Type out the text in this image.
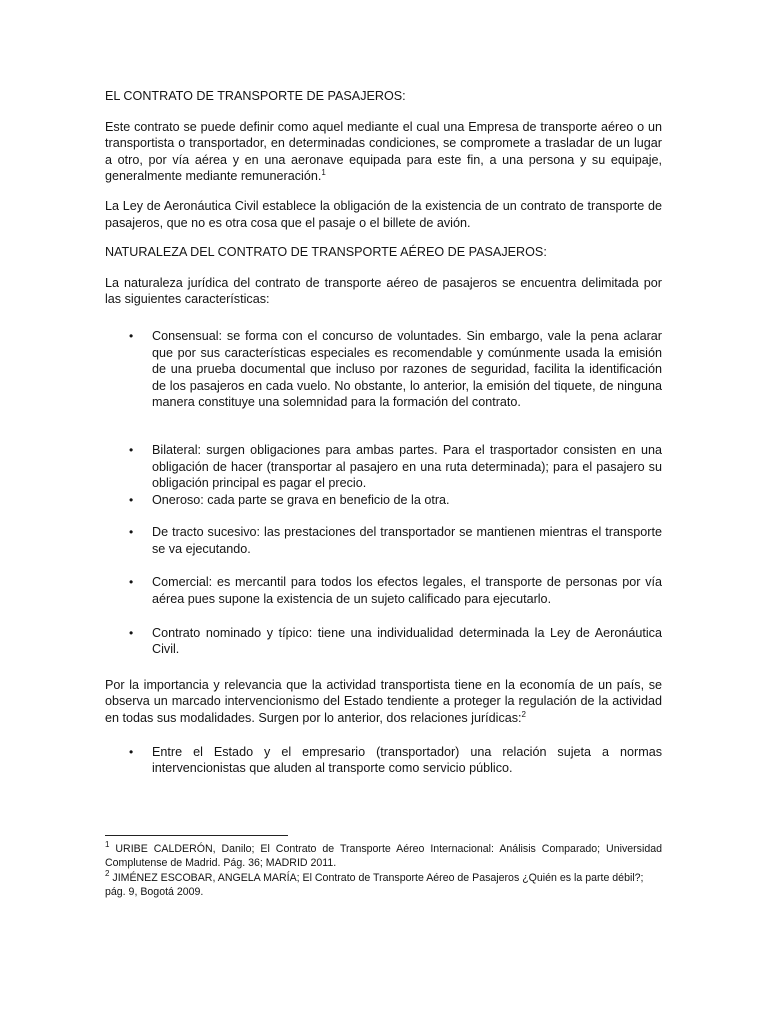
EL CONTRATO DE TRANSPORTE DE PASAJEROS:

Este contrato se puede definir como aquel mediante el cual una Empresa de transporte aéreo o un transportista o transportador, en determinadas condiciones, se compromete a trasladar de un lugar a otro, por vía aérea y en una aeronave equipada para este fin, a una persona y su equipaje, generalmente mediante remuneración.$^1$

La Ley de Aeronáutica Civil establece la obligación de la existencia de un contrato de transporte de pasajeros, que no es otra cosa que el pasaje o el billete de avión.

NATURALEZA DEL CONTRATO DE TRANSPORTE AÉREO DE PASAJEROS:

La naturaleza jurídica del contrato de transporte aéreo de pasajeros se encuentra delimitada por las siguientes características:

• Consensual: se forma con el concurso de voluntades. Sin embargo, vale la pena aclarar que por sus características especiales es recomendable y comúnmente usada la emisión de una prueba documental que incluso por razones de seguridad, facilita la identificación de los pasajeros en cada vuelo. No obstante, lo anterior, la emisión del tiquete, de ninguna manera constituye una solemnidad para la formación del contrato.
• Bilateral: surgen obligaciones para ambas partes. Para el trasportador consisten en una obligación de hacer (transportar al pasajero en una ruta determinada); para el pasajero su obligación principal es pagar el precio.
• Oneroso: cada parte se grava en beneficio de la otra.
• De tracto sucesivo: las prestaciones del transportador se mantienen mientras el transporte se va ejecutando.
• Comercial: es mercantil para todos los efectos legales, el transporte de personas por vía aérea pues supone la existencia de un sujeto calificado para ejecutarlo.
• Contrato nominado y típico: tiene una individualidad determinada la Ley de Aeronáutica Civil.

Por la importancia y relevancia que la actividad transportista tiene en la economía de un país, se observa un marcado intervencionismo del Estado tendiente a proteger la regulación de la actividad en todas sus modalidades. Surgen por lo anterior, dos relaciones jurídicas:$^2$

• Entre el Estado y el empresario (transportador) una relación sujeta a normas intervencionistas que aluden al transporte como servicio público.

$^1$ URIBE CALDERÓN, Danilo; El Contrato de Transporte Aéreo Internacional: Análisis Comparado; Universidad Complutense de Madrid. Pág. 36; MADRID 2011.

$^2$ JIMÉNEZ ESCOBAR, ANGELA MARÍA; El Contrato de Transporte Aéreo de Pasajeros ¿Quién es la parte débil?; pág. 9, Bogotá 2009.
